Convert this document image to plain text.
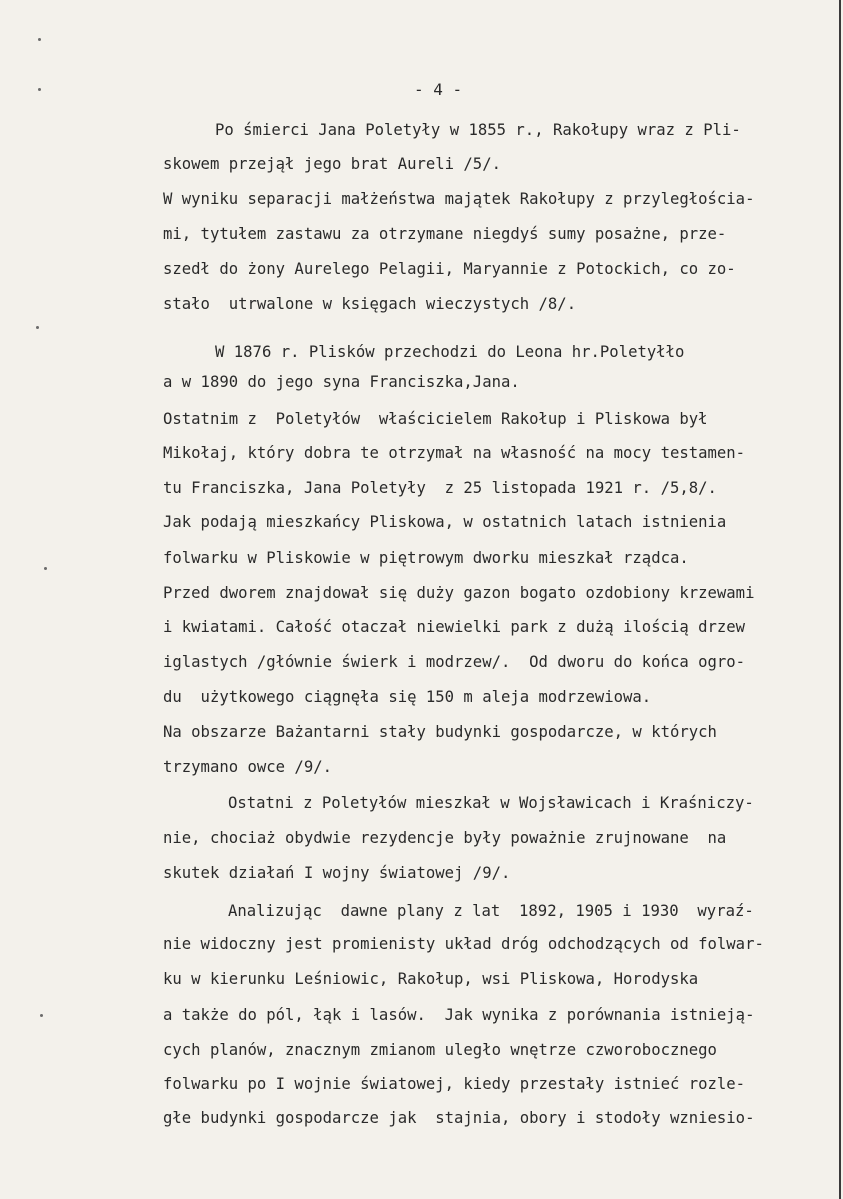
- 4 -
Po śmierci Jana Poletyły w 1855 r., Rakołupy wraz z Pli-
skowem przejął jego brat Aureli /5/.
W wyniku separacji małżeństwa majątek Rakołupy z przyległościa-
mi, tytułem zastawu za otrzymane niegdyś sumy posażne, prze-
szedł do żony Aurelego Pelagii, Maryannie z Potockich, co zo-
stało  utrwalone w księgach wieczystych /8/.
W 1876 r. Plisków przechodzi do Leona hr.Poletyłło
a w 1890 do jego syna Franciszka,Jana.
Ostatnim z  Poletyłów  właścicielem Rakołup i Pliskowa był
Mikołaj, który dobra te otrzymał na własność na mocy testamen-
tu Franciszka, Jana Poletyły  z 25 listopada 1921 r. /5,8/.
Jak podają mieszkańcy Pliskowa, w ostatnich latach istnienia
folwarku w Pliskowie w piętrowym dworku mieszkał rządca.
Przed dworem znajdował się duży gazon bogato ozdobiony krzewami
i kwiatami. Całość otaczał niewielki park z dużą ilością drzew
iglastych /głównie świerk i modrzew/.  Od dworu do końca ogro-
du  użytkowego ciągnęła się 150 m aleja modrzewiowa.
Na obszarze Bażantarni stały budynki gospodarcze, w których
trzymano owce /9/.
Ostatni z Poletyłów mieszkał w Wojsławicach i Kraśniczy-
nie, chociaż obydwie rezydencje były poważnie zrujnowane  na
skutek działań I wojny światowej /9/.
Analizując  dawne plany z lat  1892, 1905 i 1930  wyraź-
nie widoczny jest promienisty układ dróg odchodzących od folwar-
ku w kierunku Leśniowic, Rakołup, wsi Pliskowa, Horodyska
a także do pól, łąk i lasów.  Jak wynika z porównania istnieją-
cych planów, znacznym zmianom uległo wnętrze czworobocznego
folwarku po I wojnie światowej, kiedy przestały istnieć rozle-
głe budynki gospodarcze jak  stajnia, obory i stodoły wzniesio-
